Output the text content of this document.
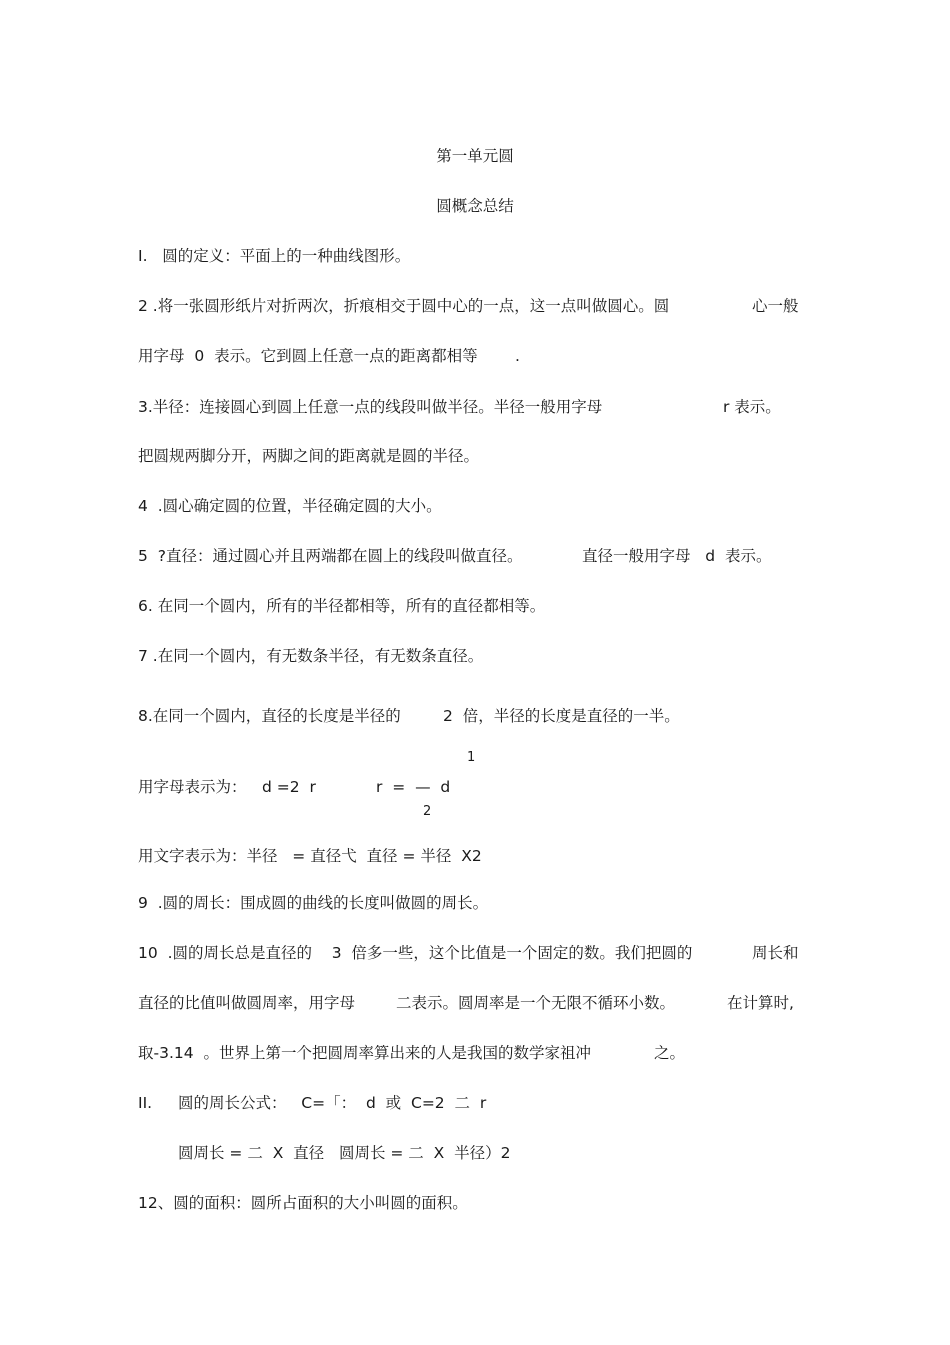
第一单元圆
圆概念总结
I.   圆的定义：平面上的一种曲线图形。
2 .将一张圆形纸片对折两次，折痕相交于圆中心的一点，这一点叫做圆心。圆	心一般
用字母  0  表示。它到圆上任意一点的距离都相等 .
3.半径：连接圆心到圆上任意一点的线段叫做半径。半径一般用字母	r 表示。
把圆规两脚分开，两脚之间的距离就是圆的半径。
4  .圆心确定圆的位置，半径确定圆的大小。
5  ?直径：通过圆心并且两端都在圆上的线段叫做直径。	直径一般用字母   d  表示。
6. 在同一个圆内，所有的半径都相等，所有的直径都相等。
7 .在同一个圆内，有无数条半径，有无数条直径。
8.在同一个圆内，直径的长度是半径的	2  倍，半径的长度是直径的一半。
1
用字母表示为： d =2  r	r  =  —  d
2
用文字表示为：半径   = 直径弋  直径 = 半径  X2
9  .圆的周长：围成圆的曲线的长度叫做圆的周长。
10  .圆的周长总是直径的    3  倍多一些，这个比值是一个固定的数。我们把圆的	周长和
直径的比值叫做圆周率，用字母	二表示。圆周率是一个无限不循环小数。	在计算时,
取-3.14  。世界上第一个把圆周率算出来的人是我国的数学家祖冲	之。
II. 圆的周长公式：   C=「：  d  或  C=2  二  r
圆周长 = 二  X  直径   圆周长 = 二  X  半径）2
12、圆的面积：圆所占面积的大小叫圆的面积。
